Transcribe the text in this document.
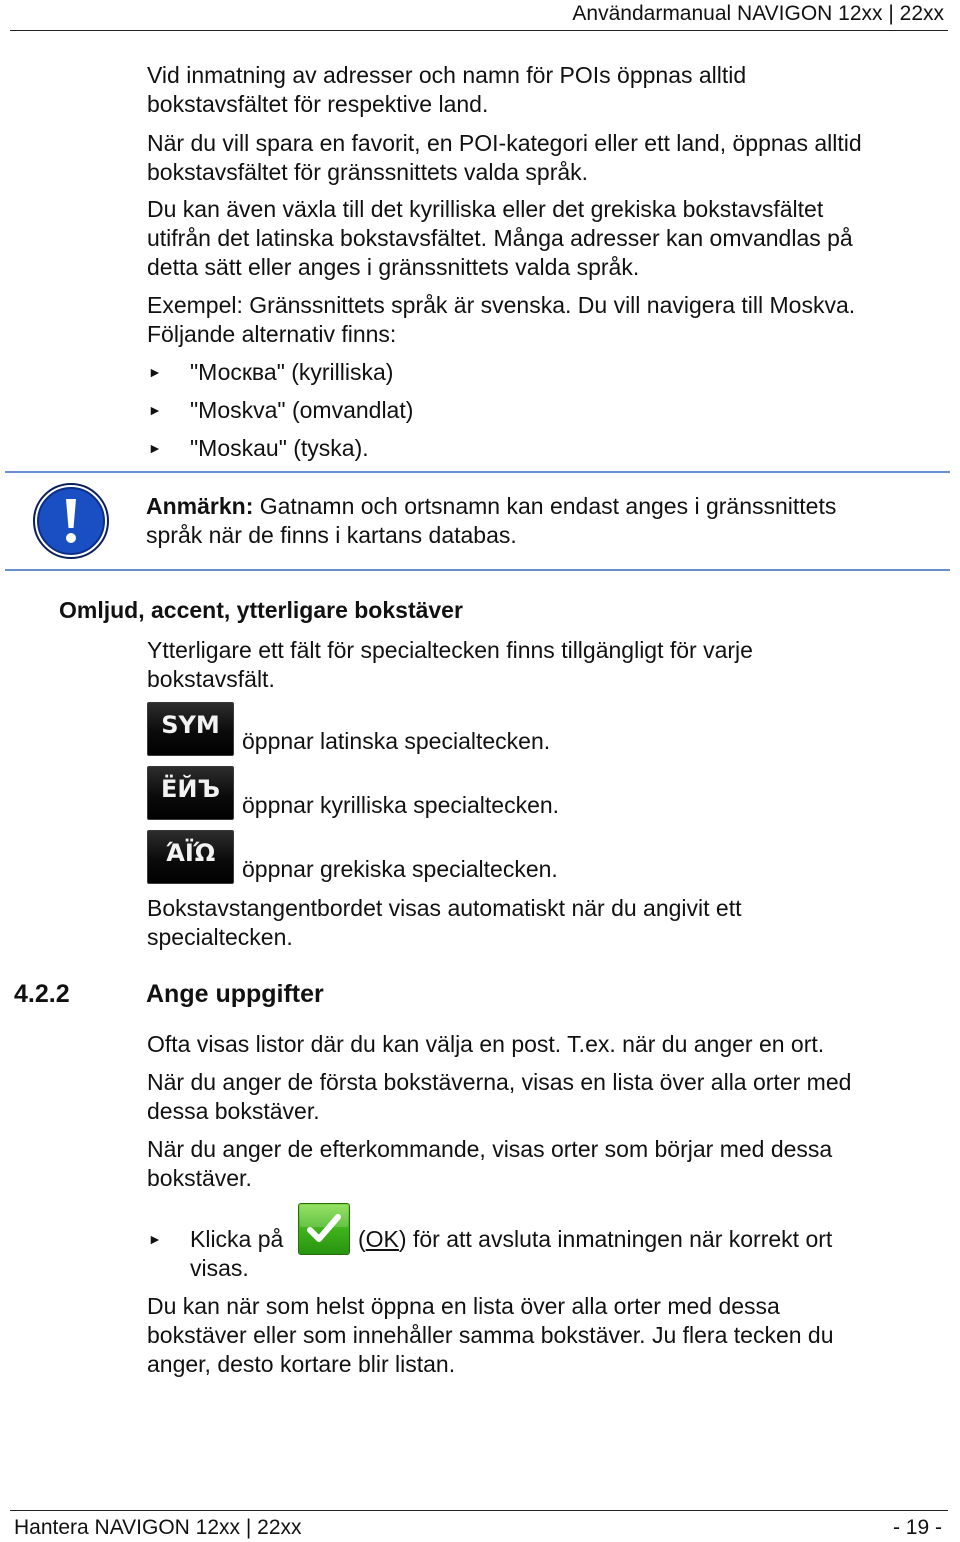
Användarmanual NAVIGON 12xx | 22xx

Vid inmatning av adresser och namn för POIs öppnas alltid

bokstavsfältet för respektive land.

När du vill spara en favorit, en POI-kategori eller ett land, öppnas alltid

bokstavsfältet för gränssnittets valda språk.

Du kan även växla till det kyrilliska eller det grekiska bokstavsfältet

utifrån det latinska bokstavsfältet. Många adresser kan omvandlas på

detta sätt eller anges i gränssnittets valda språk.

Exempel: Gränssnittets språk är svenska. Du vill navigera till Moskva.

Följande alternativ finns:

► "Москва" (kyrilliska)
► "Moskva" (omvandlat)
► "Moskau" (tyska).
Anmärkn: Gatnamn och ortsnamn kan endast anges i gränssnittets
språk när de finns i kartans databas.
Omljud, accent, ytterligare bokstäver

Ytterligare ett fält för specialtecken finns tillgängligt för varje

bokstavsfält.

SYM
öppnar latinska specialtecken.
ЁЙЪ
öppnar kyrilliska specialtecken.
ΆΪΏ
öppnar grekiska specialtecken.

Bokstavstangentbordet visas automatiskt när du angivit ett

specialtecken.

4.2.2	Ange uppgifter

Ofta visas listor där du kan välja en post. T.ex. när du anger en ort.

När du anger de första bokstäverna, visas en lista över alla orter med

dessa bokstäver.

När du anger de efterkommande, visas orter som börjar med dessa

bokstäver.

► Klicka på	(OK) för att avsluta inmatningen när korrekt ort
visas.

Du kan när som helst öppna en lista över alla orter med dessa

bokstäver eller som innehåller samma bokstäver. Ju flera tecken du

anger, desto kortare blir listan.

Hantera NAVIGON 12xx | 22xx	- 19 -
